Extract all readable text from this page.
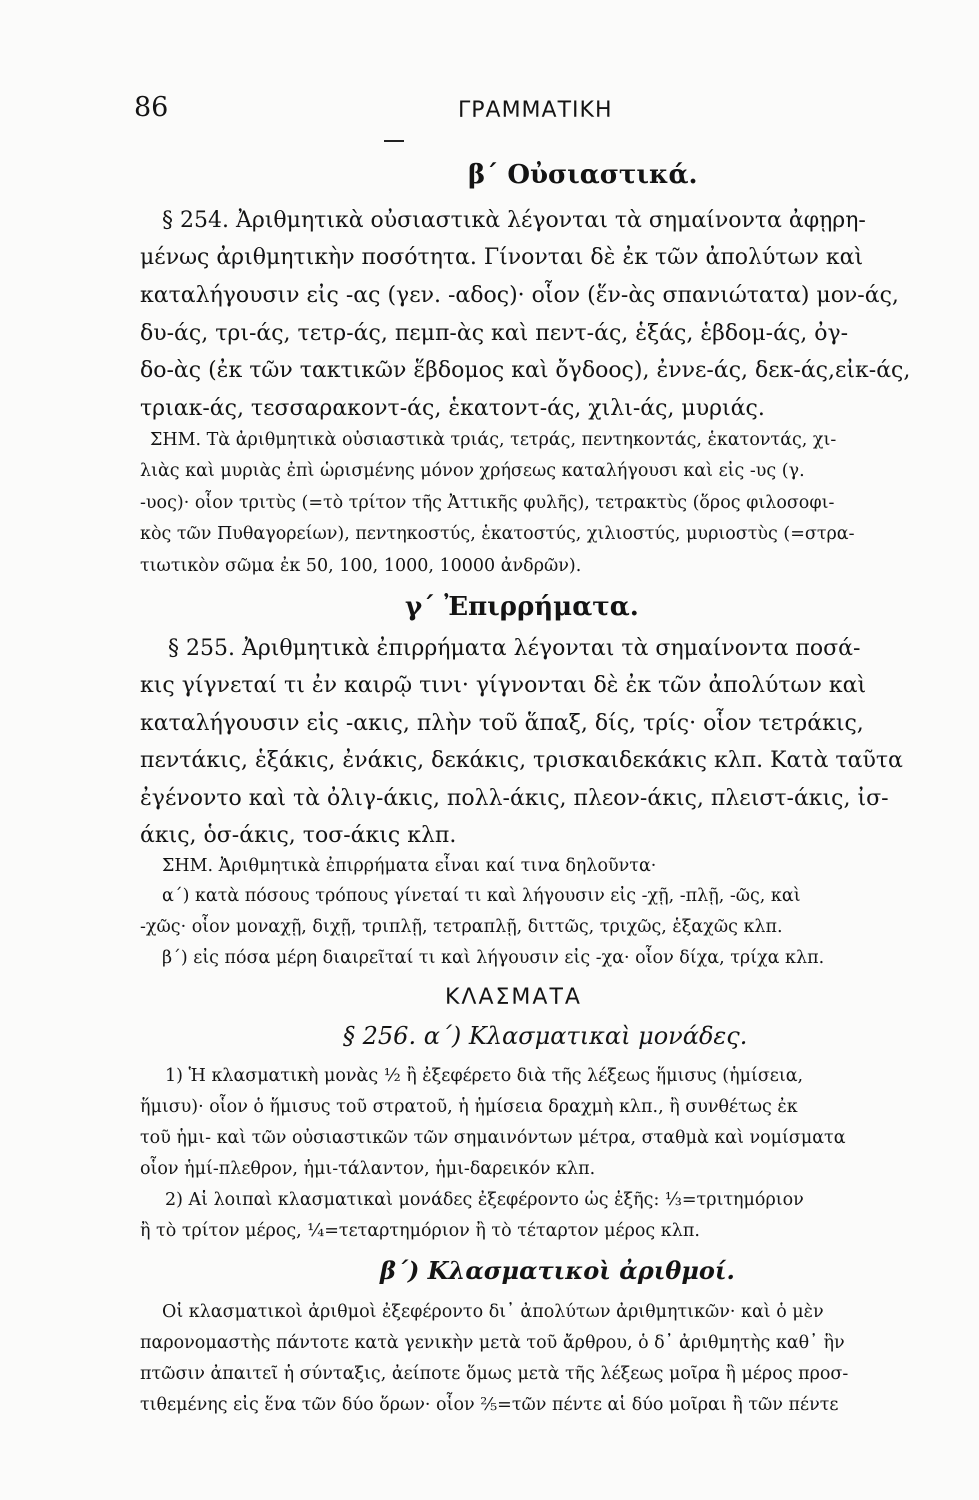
86	ΓΡΑΜΜΑΤΙΚΗ
β΄ Οὐσιαστικά.
§ 254. Ἀριθμητικὰ οὐσιαστικὰ λέγονται τὰ σημαίνοντα ἀφῃρη-
μένως ἀριθμητικὴν ποσότητα. Γίνονται δὲ ἐκ τῶν ἀπολύτων καὶ
καταλήγουσιν εἰς -ας (γεν. -αδος)· οἷον (ἕν-ὰς σπανιώτατα) μον-άς,
δυ-άς, τρι-άς, τετρ-άς, πεμπ-ὰς καὶ πεντ-άς, ἑξάς, ἑβδομ-άς, ὀγ-
δο-ὰς (ἐκ τῶν τακτικῶν ἕβδομος καὶ ὄγδοος), ἐννε-άς, δεκ-άς,εἰκ-άς,
τριακ-άς, τεσσαρακοντ-άς, ἑκατοντ-άς, χιλι-άς, μυριάς.
ΣΗΜ. Τὰ ἀριθμητικὰ οὐσιαστικὰ τριάς, τετράς, πεντηκοντάς, ἑκατοντάς, χι-
λιὰς καὶ μυριὰς ἐπὶ ὡρισμένης μόνον χρήσεως καταλήγουσι καὶ εἰς -υς (γ.
-υος)· οἷον τριτὺς (=τὸ τρίτον τῆς Ἀττικῆς φυλῆς), τετρακτὺς (ὅρος φιλοσοφι-
κὸς τῶν Πυθαγορείων), πεντηκοστύς, ἑκατοστύς, χιλιοστύς, μυριοστὺς (=στρα-
τιωτικὸν σῶμα ἐκ 50, 100, 1000, 10000 ἀνδρῶν).
γ΄ Ἐπιρρήματα.
§ 255. Ἀριθμητικὰ ἐπιρρήματα λέγονται τὰ σημαίνοντα ποσά-
κις γίγνεταί τι ἐν καιρῷ τινι· γίγνονται δὲ ἐκ τῶν ἀπολύτων καὶ
καταλήγουσιν εἰς -ακις, πλὴν τοῦ ἅπαξ, δίς, τρίς· οἷον τετράκις,
πεντάκις, ἑξάκις, ἐνάκις, δεκάκις, τρισκαιδεκάκις κλπ. Κατὰ ταῦτα
ἐγένοντο καὶ τὰ ὀλιγ-άκις, πολλ-άκις, πλεον-άκις, πλειστ-άκις, ἰσ-
άκις, ὁσ-άκις, τοσ-άκις κλπ.
ΣΗΜ. Ἀριθμητικὰ ἐπιρρήματα εἶναι καί τινα δηλοῦντα·
α΄) κατὰ πόσους τρόπους γίνεταί τι καὶ λήγουσιν εἰς -χῇ, -πλῇ, -ῶς, καὶ
-χῶς· οἷον μοναχῇ, διχῇ, τριπλῇ, τετραπλῇ, διττῶς, τριχῶς, ἑξαχῶς κλπ.
β΄) εἰς πόσα μέρη διαιρεῖταί τι καὶ λήγουσιν εἰς -χα· οἷον δίχα, τρίχα κλπ.
ΚΛΑΣΜΑΤΑ
§ 256. α΄) Κλασματικαὶ μονάδες.
1) Ἡ κλασματικὴ μονὰς ½ ἢ ἐξεφέρετο διὰ τῆς λέξεως ἥμισυς (ἡμίσεια,
ἥμισυ)· οἷον ὁ ἥμισυς τοῦ στρατοῦ, ἡ ἡμίσεια δραχμὴ κλπ., ἢ συνθέτως ἐκ
τοῦ ἡμι- καὶ τῶν οὐσιαστικῶν τῶν σημαινόντων μέτρα, σταθμὰ καὶ νομίσματα
οἷον ἡμί-πλεθρον, ἡμι-τάλαντον, ἡμι-δαρεικόν κλπ.
2) Αἱ λοιπαὶ κλασματικαὶ μονάδες ἐξεφέροντο ὡς ἑξῆς: ⅓=τριτημόριον
ἢ τὸ τρίτον μέρος, ¼=τεταρτημόριον ἢ τὸ τέταρτον μέρος κλπ.
β΄) Κλασματικοὶ ἀριθμοί.
Οἱ κλασματικοὶ ἀριθμοὶ ἐξεφέροντο δι᾽ ἀπολύτων ἀριθμητικῶν· καὶ ὁ μὲν
παρονομαστὴς πάντοτε κατὰ γενικὴν μετὰ τοῦ ἄρθρου, ὁ δ᾽ ἀριθμητὴς καθ᾽ ἣν
πτῶσιν ἀπαιτεῖ ἡ σύνταξις, ἀείποτε ὅμως μετὰ τῆς λέξεως μοῖρα ἢ μέρος προσ-
τιθεμένης εἰς ἕνα τῶν δύο ὅρων· οἷον ⅖=τῶν πέντε αἱ δύο μοῖραι ἢ τῶν πέντε
